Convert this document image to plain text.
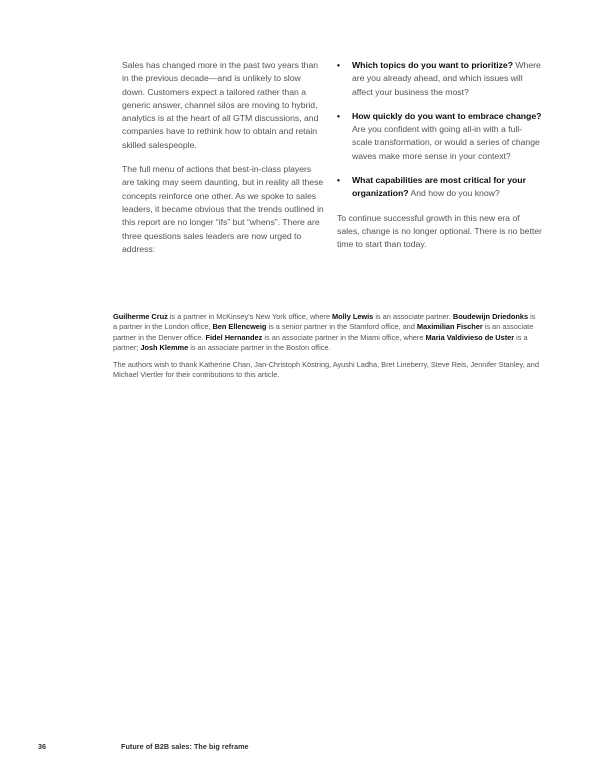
Sales has changed more in the past two years than in the previous decade—and is unlikely to slow down. Customers expect a tailored rather than a generic answer, channel silos are moving to hybrid, analytics is at the heart of all GTM discussions, and companies have to rethink how to obtain and retain skilled salespeople.

The full menu of actions that best-in-class players are taking may seem daunting, but in reality all these concepts reinforce one other. As we spoke to sales leaders, it became obvious that the trends outlined in this report are no longer “ifs” but “whens”. There are three questions sales leaders are now urged to address:

•	Which topics do you want to prioritize? Where are you already ahead, and which issues will affect your business the most?
•	How quickly do you want to embrace change? Are you confident with going all-in with a full-scale transformation, or would a series of change waves make more sense in your context?
•	What capabilities are most critical for your organization? And how do you know?

To continue successful growth in this new era of sales, change is no longer optional. There is no better time to start than today.

Guilherme Cruz is a partner in McKinsey’s New York office, where Molly Lewis is an associate partner. Boudewijn Driedonks is a partner in the London office, Ben Ellencweig is a senior partner in the Stamford office, and Maximilian Fischer is an associate partner in the Denver office. Fidel Hernandez is an associate partner in the Miami office, where Maria Valdivieso de Uster is a partner; Josh Klemme is an associate partner in the Boston office.

The authors wish to thank Katherine Chan, Jan-Christoph Köstring, Ayushi Ladha, Bret Lineberry, Steve Reis, Jennifer Stanley, and Michael Viertler for their contributions to this article.

36	Future of B2B sales: The big reframe
